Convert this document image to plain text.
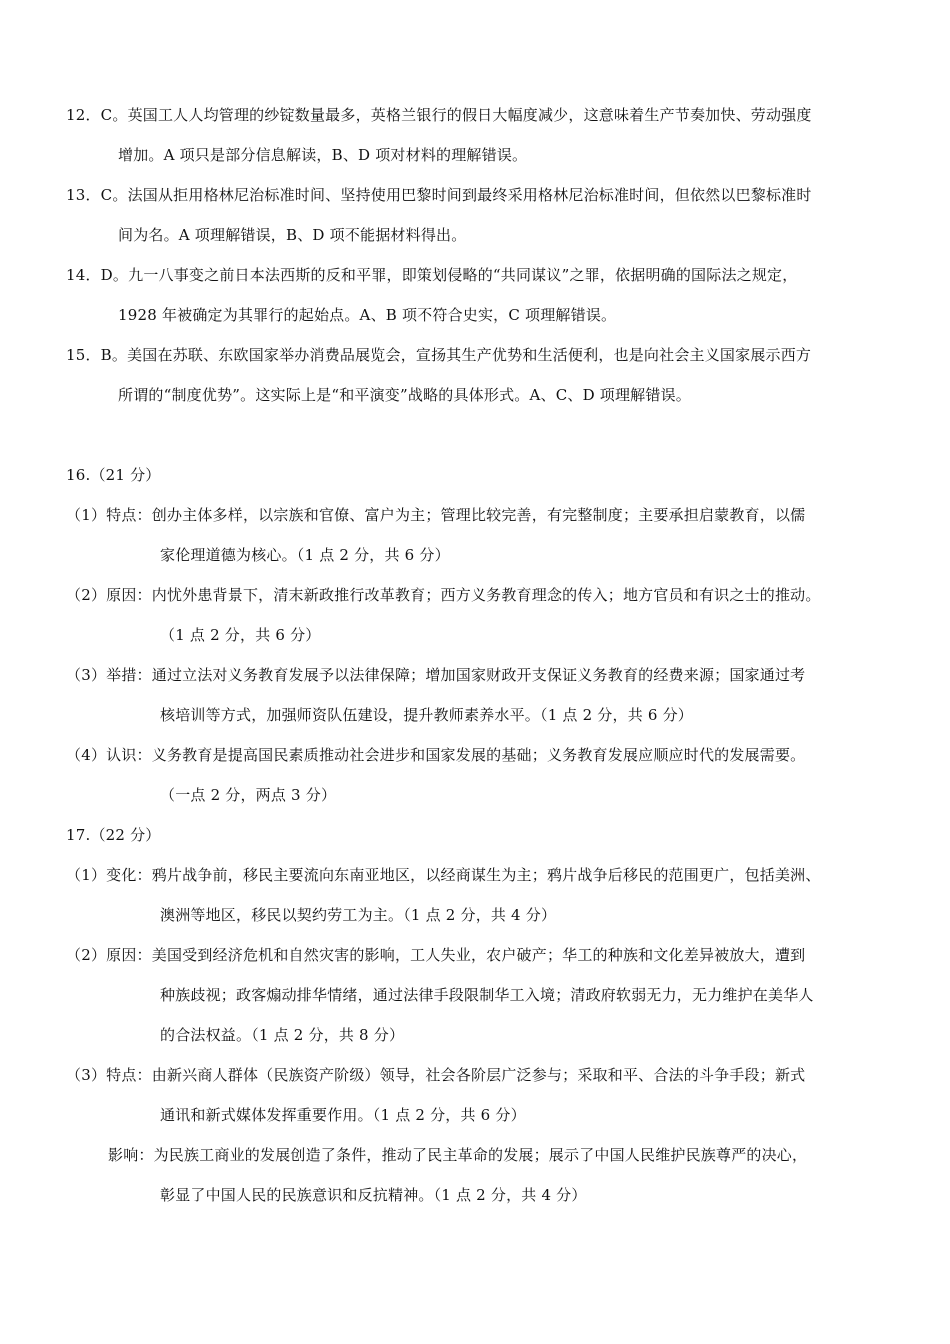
12．C。英国工人人均管理的纱锭数量最多，英格兰银行的假日大幅度减少，这意味着生产节奏加快、劳动强度
增加。A 项只是部分信息解读，B、D 项对材料的理解错误。
13．C。法国从拒用格林尼治标准时间、坚持使用巴黎时间到最终采用格林尼治标准时间，但依然以巴黎标准时
间为名。A 项理解错误，B、D 项不能据材料得出。
14．D。九一八事变之前日本法西斯的反和平罪，即策划侵略的“共同谋议”之罪，依据明确的国际法之规定，
1928 年被确定为其罪行的起始点。A、B 项不符合史实，C 项理解错误。
15．B。美国在苏联、东欧国家举办消费品展览会，宣扬其生产优势和生活便利，也是向社会主义国家展示西方
所谓的“制度优势”。这实际上是“和平演变”战略的具体形式。A、C、D 项理解错误。
16.（21 分）
（1）特点：创办主体多样，以宗族和官僚、富户为主；管理比较完善，有完整制度；主要承担启蒙教育，以儒
家伦理道德为核心。（1 点 2 分，共 6 分）
（2）原因：内忧外患背景下，清末新政推行改革教育；西方义务教育理念的传入；地方官员和有识之士的推动。
（1 点 2 分，共 6 分）
（3）举措：通过立法对义务教育发展予以法律保障；增加国家财政开支保证义务教育的经费来源；国家通过考
核培训等方式，加强师资队伍建设，提升教师素养水平。（1 点 2 分，共 6 分）
（4）认识：义务教育是提高国民素质推动社会进步和国家发展的基础；义务教育发展应顺应时代的发展需要。
（一点 2 分，两点 3 分）
17.（22 分）
（1）变化：鸦片战争前，移民主要流向东南亚地区，以经商谋生为主；鸦片战争后移民的范围更广，包括美洲、
澳洲等地区，移民以契约劳工为主。（1 点 2 分，共 4 分）
（2）原因：美国受到经济危机和自然灾害的影响，工人失业，农户破产；华工的种族和文化差异被放大，遭到
种族歧视；政客煽动排华情绪，通过法律手段限制华工入境；清政府软弱无力，无力维护在美华人
的合法权益。（1 点 2 分，共 8 分）
（3）特点：由新兴商人群体（民族资产阶级）领导，社会各阶层广泛参与；采取和平、合法的斗争手段；新式
通讯和新式媒体发挥重要作用。（1 点 2 分，共 6 分）
影响：为民族工商业的发展创造了条件，推动了民主革命的发展；展示了中国人民维护民族尊严的决心，
彰显了中国人民的民族意识和反抗精神。（1 点 2 分，共 4 分）
